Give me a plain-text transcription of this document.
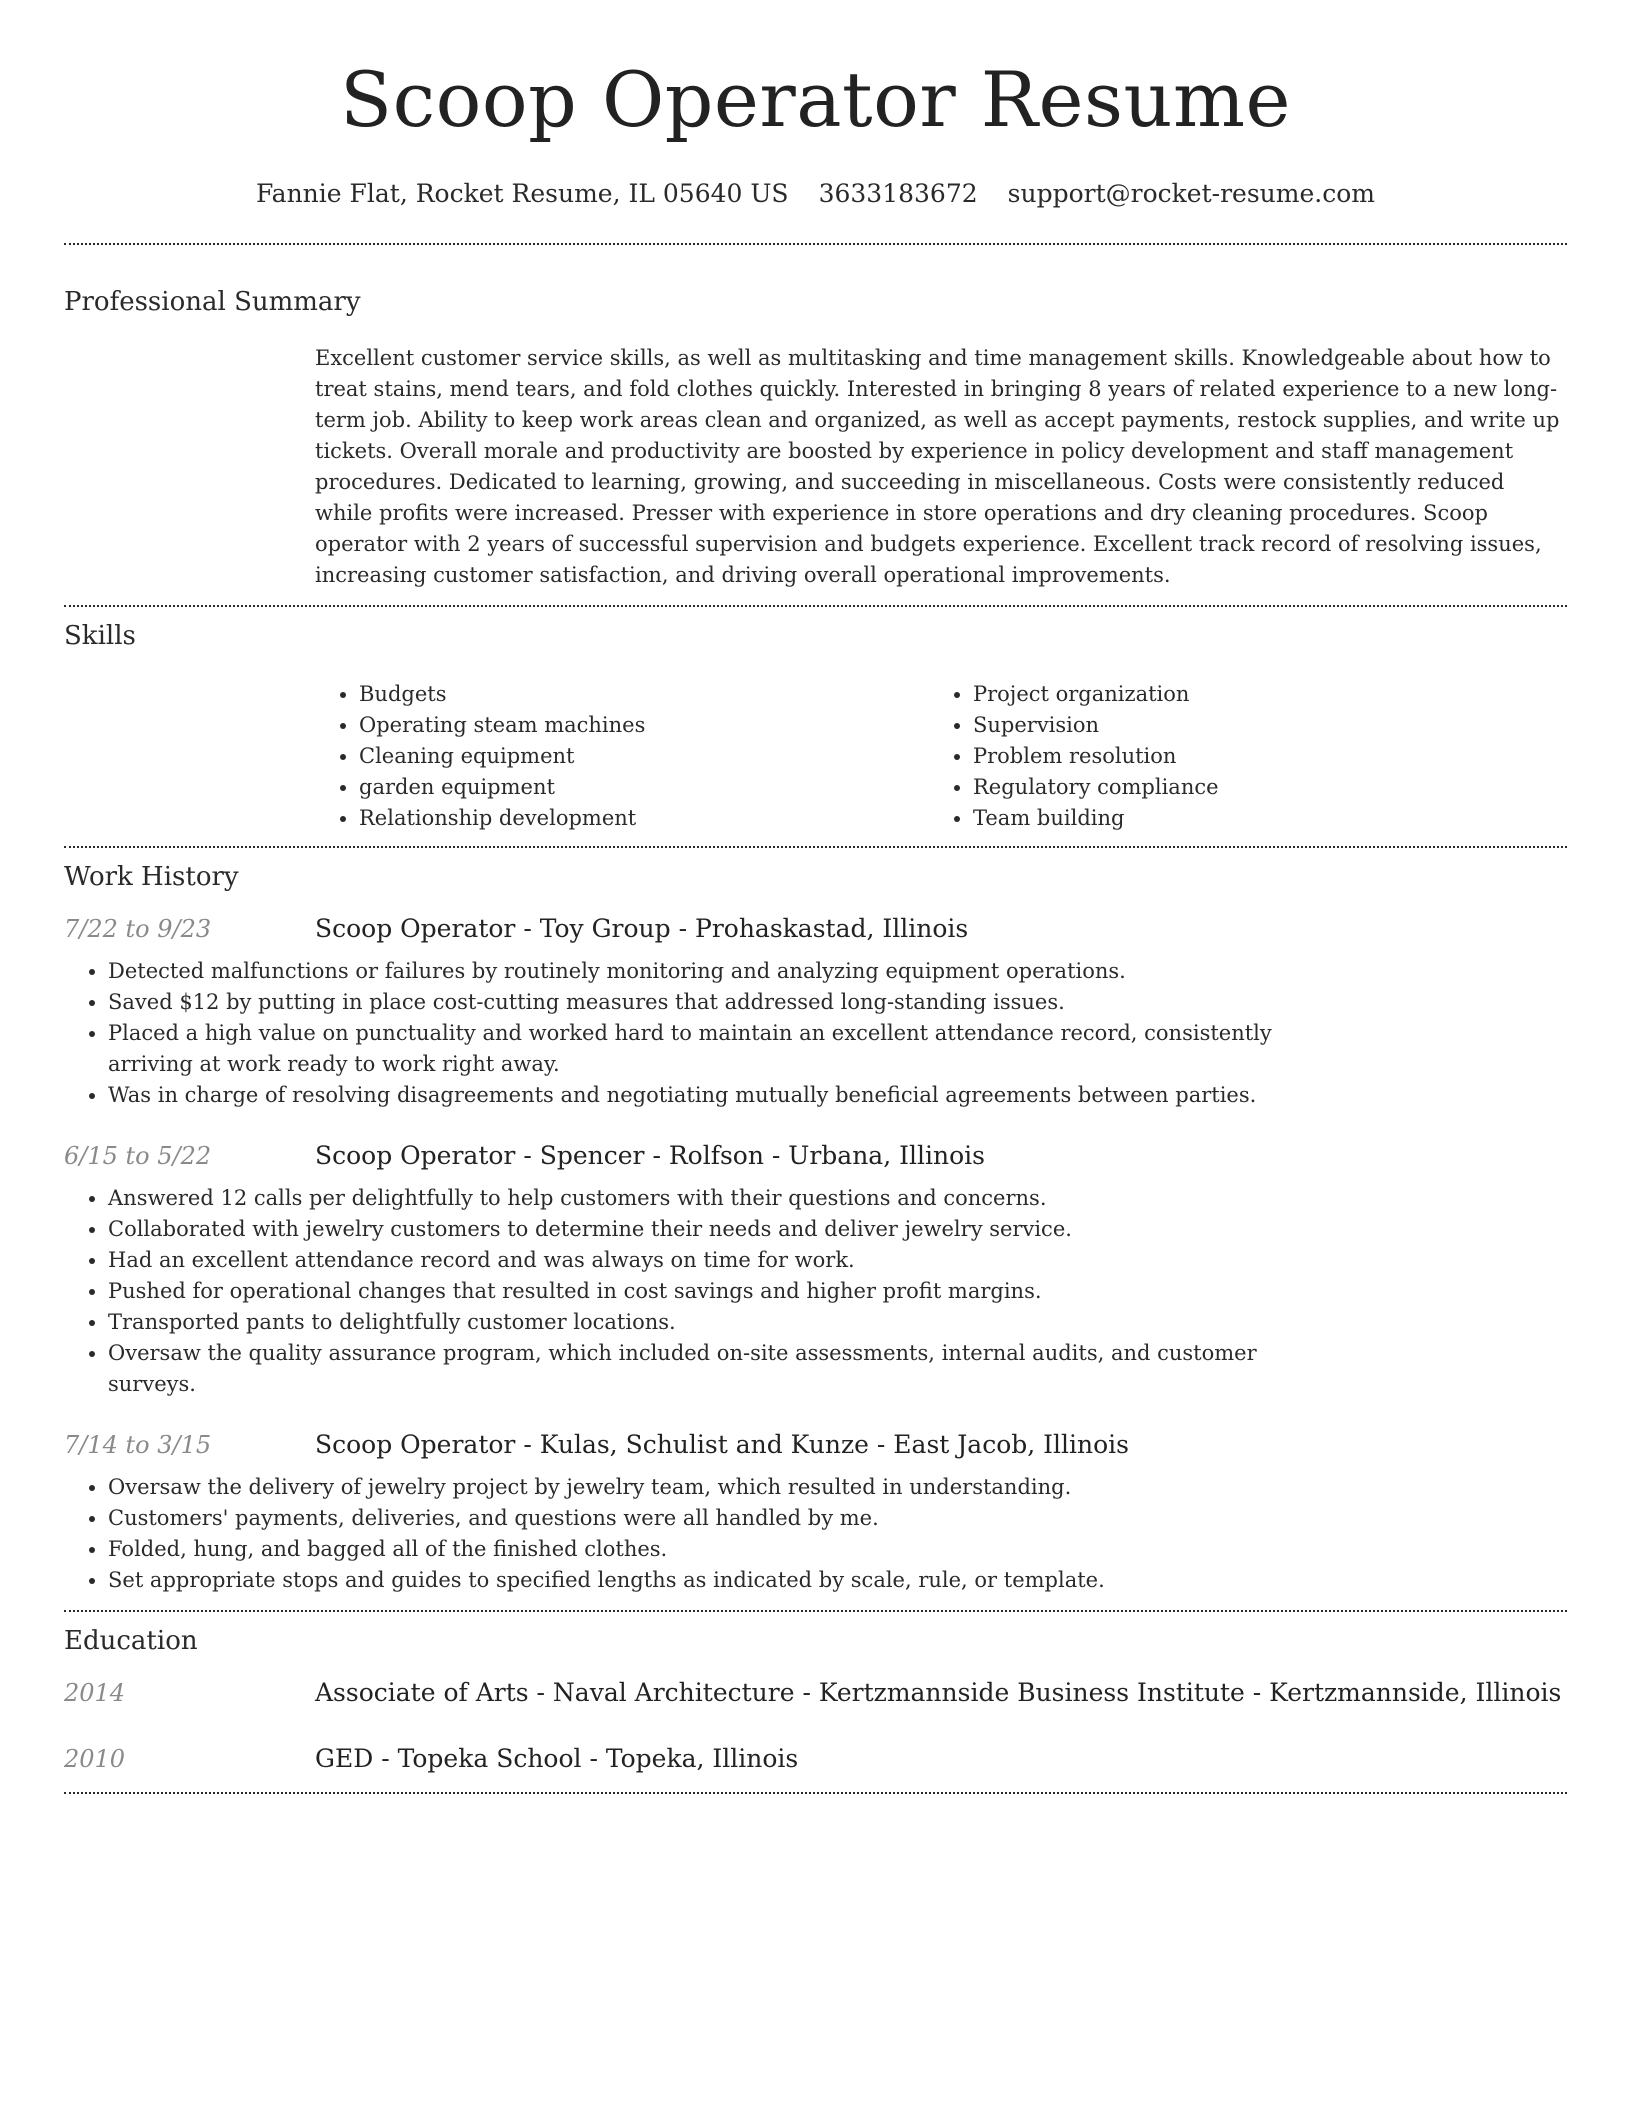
Scoop Operator Resume
Fannie Flat, Rocket Resume, IL 05640 US 3633183672 support@rocket-resume.com
Professional Summary
Excellent customer service skills, as well as multitasking and time management skills. Knowledgeable about how to treat stains, mend tears, and fold clothes quickly. Interested in bringing 8 years of related experience to a new long-term job. Ability to keep work areas clean and organized, as well as accept payments, restock supplies, and write up tickets. Overall morale and productivity are boosted by experience in policy development and staff management procedures. Dedicated to learning, growing, and succeeding in miscellaneous. Costs were consistently reduced while profits were increased. Presser with experience in store operations and dry cleaning procedures. Scoop operator with 2 years of successful supervision and budgets experience. Excellent track record of resolving issues, increasing customer satisfaction, and driving overall operational improvements.
Skills
• Budgets
• Operating steam machines
• Cleaning equipment
• garden equipment
• Relationship development
• Project organization
• Supervision
• Problem resolution
• Regulatory compliance
• Team building
Work History
7/22 to 9/23	Scoop Operator - Toy Group - Prohaskastad, Illinois
• Detected malfunctions or failures by routinely monitoring and analyzing equipment operations.
• Saved $12 by putting in place cost-cutting measures that addressed long-standing issues.
• Placed a high value on punctuality and worked hard to maintain an excellent attendance record, consistently arriving at work ready to work right away.
• Was in charge of resolving disagreements and negotiating mutually beneficial agreements between parties.
6/15 to 5/22	Scoop Operator - Spencer - Rolfson - Urbana, Illinois
• Answered 12 calls per delightfully to help customers with their questions and concerns.
• Collaborated with jewelry customers to determine their needs and deliver jewelry service.
• Had an excellent attendance record and was always on time for work.
• Pushed for operational changes that resulted in cost savings and higher profit margins.
• Transported pants to delightfully customer locations.
• Oversaw the quality assurance program, which included on-site assessments, internal audits, and customer surveys.
7/14 to 3/15	Scoop Operator - Kulas, Schulist and Kunze - East Jacob, Illinois
• Oversaw the delivery of jewelry project by jewelry team, which resulted in understanding.
• Customers' payments, deliveries, and questions were all handled by me.
• Folded, hung, and bagged all of the finished clothes.
• Set appropriate stops and guides to specified lengths as indicated by scale, rule, or template.
Education
2014	Associate of Arts - Naval Architecture - Kertzmannside Business Institute - Kertzmannside, Illinois
2010	GED - Topeka School - Topeka, Illinois
